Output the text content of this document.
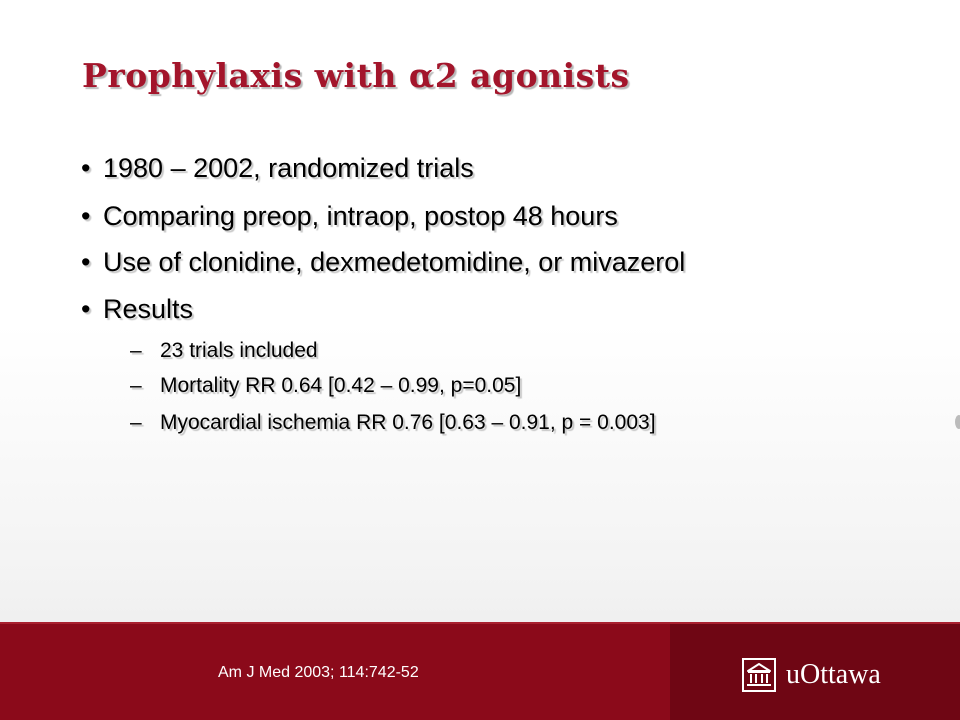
Prophylaxis with α2 agonists
• 1980 – 2002, randomized trials
• Comparing preop, intraop, postop 48 hours
• Use of clonidine, dexmedetomidine, or mivazerol
• Results
– 23 trials included
– Mortality RR 0.64 [0.42 – 0.99, p=0.05]
– Myocardial ischemia RR 0.76 [0.63 – 0.91, p = 0.003]
Am J Med 2003; 114:742-52	uOttawa
